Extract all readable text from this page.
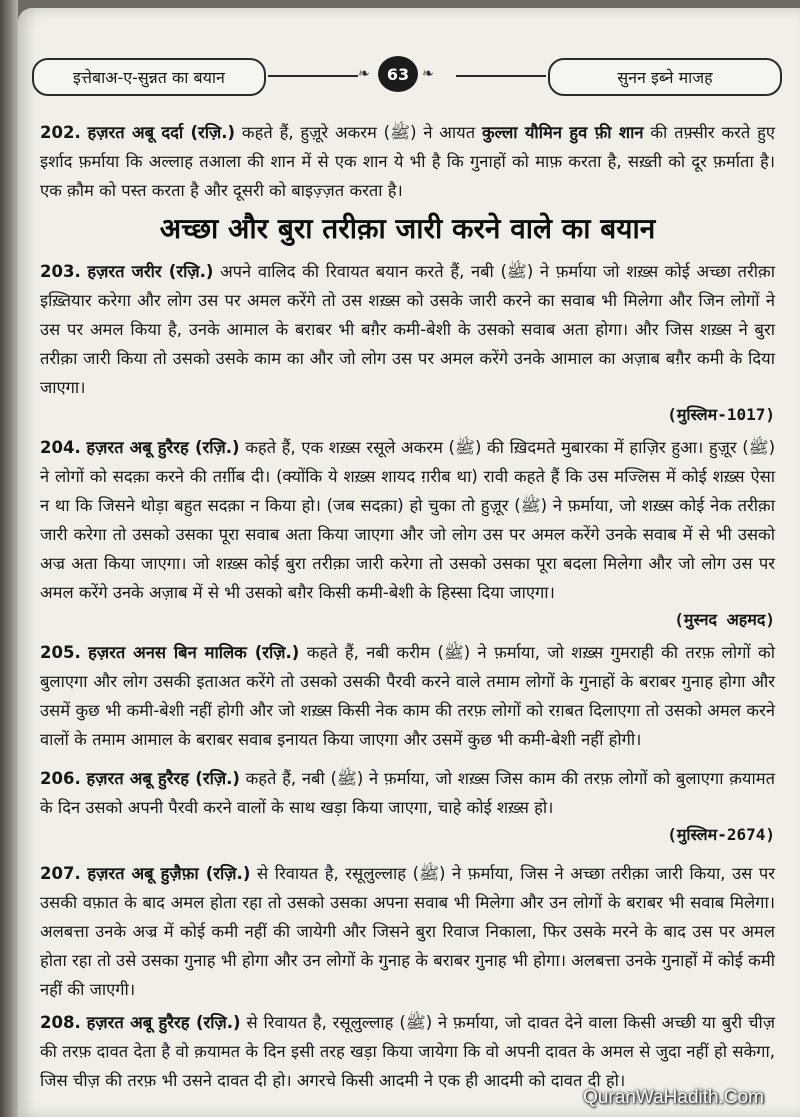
इत्तेबाअ-ए-सुन्नत का बयान	❧	63 ❧	सुनन इब्ने माजह

202. हज़रत अबू दर्दा (रज़ि.) कहते हैं, हुज़ूरे अकरम (ﷺ) ने आयत कुल्ला यौमिन हुव फ़ी शान की तफ़्सीर करते हुए इर्शाद फ़र्माया कि अल्लाह तआला की शान में से एक शान ये भी है कि गुनाहों को माफ़ करता है, सख़्ती को दूर फ़र्माता है। एक क़ौम को पस्त करता है और दूसरी को बाइज़्ज़त करता है।

अच्छा और बुरा तरीक़ा जारी करने वाले का बयान

203. हज़रत जरीर (रज़ि.) अपने वालिद की रिवायत बयान करते हैं, नबी (ﷺ) ने फ़र्माया जो शख़्स कोई अच्छा तरीक़ा इख़्तियार करेगा और लोग उस पर अमल करेंगे तो उस शख़्स को उसके जारी करने का सवाब भी मिलेगा और जिन लोगों ने उस पर अमल किया है, उनके आमाल के बराबर भी बग़ैर कमी-बेशी के उसको सवाब अता होगा। और जिस शख़्स ने बुरा तरीक़ा जारी किया तो उसको उसके काम का और जो लोग उस पर अमल करेंगे उनके आमाल का अज़ाब बग़ैर कमी के दिया जाएगा।
(मुस्लिम-1017)

204. हज़रत अबू हुरैरह (रज़ि.) कहते हैं, एक शख़्स रसूले अकरम (ﷺ) की ख़िदमते मुबारका में हाज़िर हुआ। हुज़ूर (ﷺ) ने लोगों को सदक़ा करने की तर्ग़ीब दी। (क्योंकि ये शख़्स शायद ग़रीब था) रावी कहते हैं कि उस मज्लिस में कोई शख़्स ऐसा न था कि जिसने थोड़ा बहुत सदक़ा न किया हो। (जब सदक़ा) हो चुका तो हुज़ूर (ﷺ) ने फ़र्माया, जो शख़्स कोई नेक तरीक़ा जारी करेगा तो उसको उसका पूरा सवाब अता किया जाएगा और जो लोग उस पर अमल करेंगे उनके सवाब में से भी उसको अज्र अता किया जाएगा। जो शख़्स कोई बुरा तरीक़ा जारी करेगा तो उसको उसका पूरा बदला मिलेगा और जो लोग उस पर अमल करेंगे उनके अज़ाब में से भी उसको बग़ैर किसी कमी-बेशी के हिस्सा दिया जाएगा।
(मुस्नद अहमद)

205. हज़रत अनस बिन मालिक (रज़ि.) कहते हैं, नबी करीम (ﷺ) ने फ़र्माया, जो शख़्स गुमराही की तरफ़ लोगों को बुलाएगा और लोग उसकी इताअत करेंगे तो उसको उसकी पैरवी करने वाले तमाम लोगों के गुनाहों के बराबर गुनाह होगा और उसमें कुछ भी कमी-बेशी नहीं होगी और जो शख़्स किसी नेक काम की तरफ़ लोगों को रग़बत दिलाएगा तो उसको अमल करने वालों के तमाम आमाल के बराबर सवाब इनायत किया जाएगा और उसमें कुछ भी कमी-बेशी नहीं होगी।

206. हज़रत अबू हुरैरह (रज़ि.) कहते हैं, नबी (ﷺ) ने फ़र्माया, जो शख़्स जिस काम की तरफ़ लोगों को बुलाएगा क़यामत के दिन उसको अपनी पैरवी करने वालों के साथ खड़ा किया जाएगा, चाहे कोई शख़्स हो।
(मुस्लिम-2674)

207. हज़रत अबू हुज़ैफ़ा (रज़ि.) से रिवायत है, रसूलुल्लाह (ﷺ) ने फ़र्माया, जिस ने अच्छा तरीक़ा जारी किया, उस पर उसकी वफ़ात के बाद अमल होता रहा तो उसको उसका अपना सवाब भी मिलेगा और उन लोगों के बराबर भी सवाब मिलेगा। अलबत्ता उनके अज्र में कोई कमी नहीं की जायेगी और जिसने बुरा रिवाज निकाला, फिर उसके मरने के बाद उस पर अमल होता रहा तो उसे उसका गुनाह भी होगा और उन लोगों के गुनाह के बराबर गुनाह भी होगा। अलबत्ता उनके गुनाहों में कोई कमी नहीं की जाएगी।

208. हज़रत अबू हुरैरह (रज़ि.) से रिवायत है, रसूलुल्लाह (ﷺ) ने फ़र्माया, जो दावत देने वाला किसी अच्छी या बुरी चीज़ की तरफ़ दावत देता है वो क़यामत के दिन इसी तरह खड़ा किया जायेगा कि वो अपनी दावत के अमल से जुदा नहीं हो सकेगा, जिस चीज़ की तरफ़ भी उसने दावत दी हो। अगरचे किसी आदमी ने एक ही आदमी को दावत दी हो।

QuranWaHadith.Com
